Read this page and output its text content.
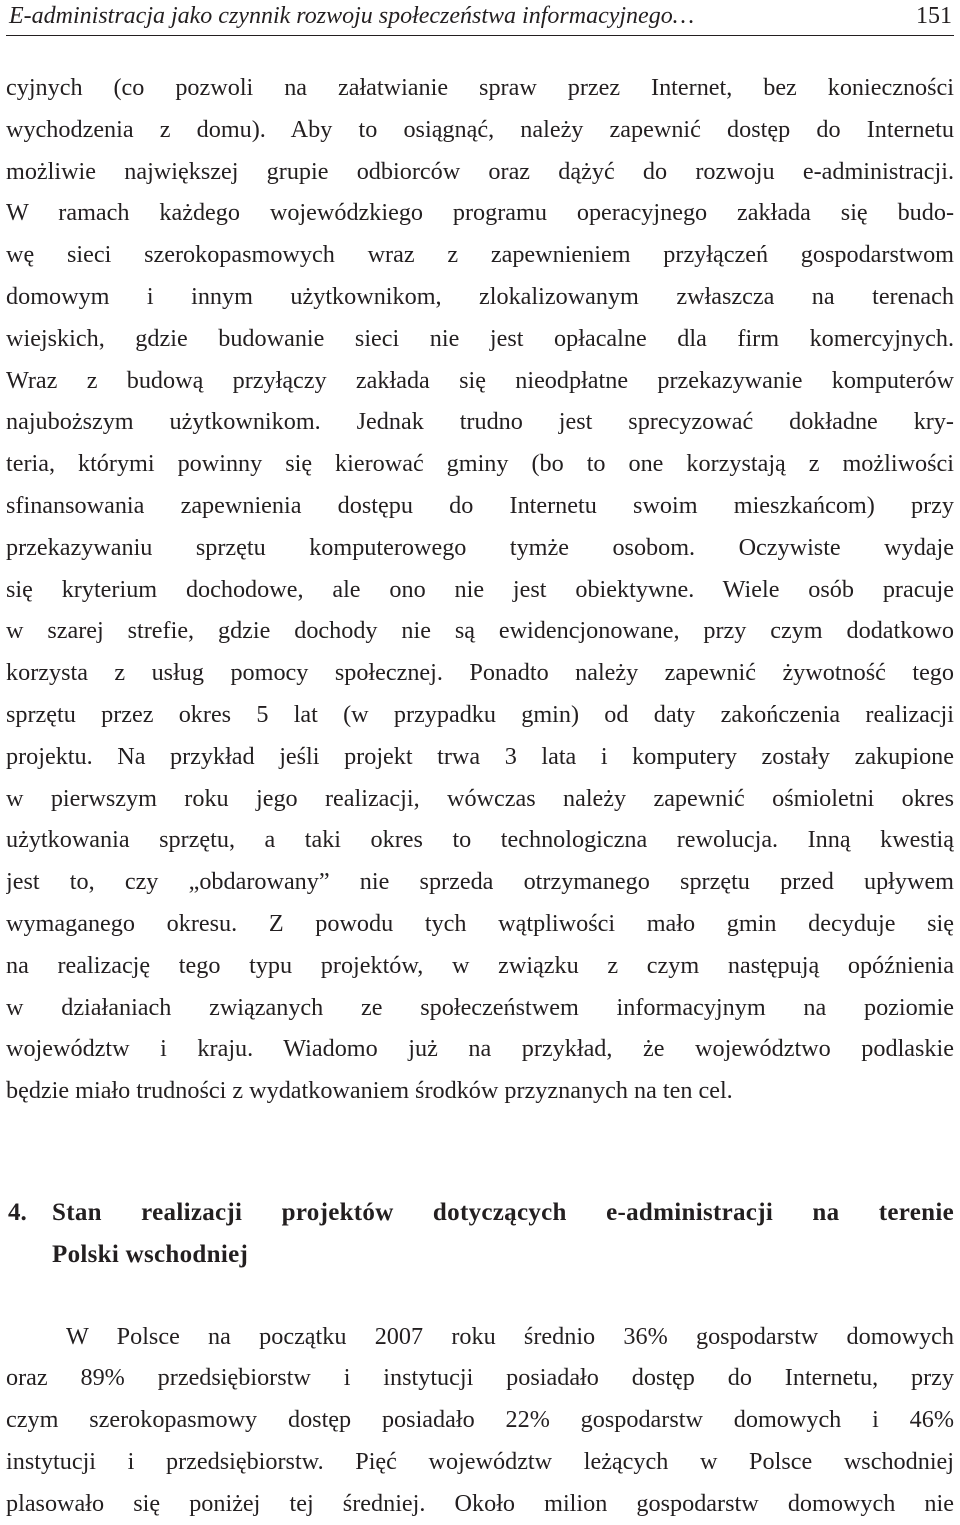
E-administracja jako czynnik rozwoju społeczeństwa informacyjnego…	151
cyjnych (co pozwoli na załatwianie spraw przez Internet, bez konieczności
wychodzenia z domu). Aby to osiągnąć, należy zapewnić dostęp do Internetu
możliwie największej grupie odbiorców oraz dążyć do rozwoju e-administracji.
W ramach każdego wojewódzkiego programu operacyjnego zakłada się budo-
wę sieci szerokopasmowych wraz z zapewnieniem przyłączeń gospodarstwom
domowym i innym użytkownikom, zlokalizowanym zwłaszcza na terenach
wiejskich, gdzie budowanie sieci nie jest opłacalne dla firm komercyjnych.
Wraz z budową przyłączy zakłada się nieodpłatne przekazywanie komputerów
najuboższym użytkownikom. Jednak trudno jest sprecyzować dokładne kry-
teria, którymi powinny się kierować gminy (bo to one korzystają z możliwości
sfinansowania zapewnienia dostępu do Internetu swoim mieszkańcom) przy
przekazywaniu sprzętu komputerowego tymże osobom. Oczywiste wydaje
się kryterium dochodowe, ale ono nie jest obiektywne. Wiele osób pracuje
w szarej strefie, gdzie dochody nie są ewidencjonowane, przy czym dodatkowo
korzysta z usług pomocy społecznej. Ponadto należy zapewnić żywotność tego
sprzętu przez okres 5 lat (w przypadku gmin) od daty zakończenia realizacji
projektu. Na przykład jeśli projekt trwa 3 lata i komputery zostały zakupione
w pierwszym roku jego realizacji, wówczas należy zapewnić ośmioletni okres
użytkowania sprzętu, a taki okres to technologiczna rewolucja. Inną kwestią
jest to, czy „obdarowany” nie sprzeda otrzymanego sprzętu przed upływem
wymaganego okresu. Z powodu tych wątpliwości mało gmin decyduje się
na realizację tego typu projektów, w związku z czym następują opóźnienia
w działaniach związanych ze społeczeństwem informacyjnym na poziomie
województw i kraju. Wiadomo już na przykład, że województwo podlaskie
będzie miało trudności z wydatkowaniem środków przyznanych na ten cel.
4. Stan realizacji projektów dotyczących e-administracji na terenie
Polski wschodniej
W Polsce na początku 2007 roku średnio 36% gospodarstw domowych
oraz 89% przedsiębiorstw i instytucji posiadało dostęp do Internetu, przy
czym szerokopasmowy dostęp posiadało 22% gospodarstw domowych i 46%
instytucji i przedsiębiorstw. Pięć województw leżących w Polsce wschodniej
plasowało się poniżej tej średniej. Około milion gospodarstw domowych nie
